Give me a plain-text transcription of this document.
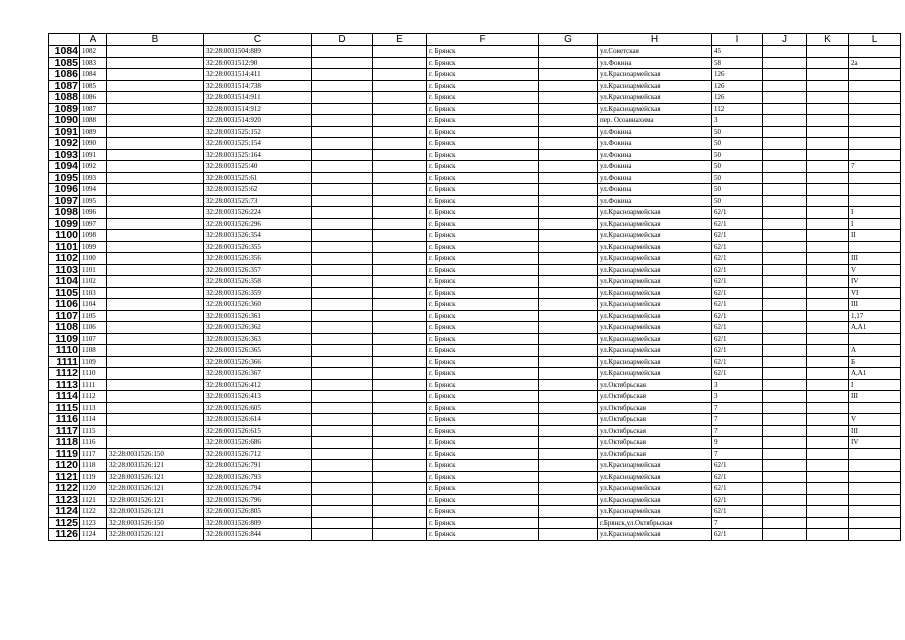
	A	B	C	D	E	F	G	H	I	J	K	L
1084	1082		32:28:0031504:889			г. Брянск		ул.Советская	45			
1085	1083		32:28:0031512:90			г. Брянск		ул.Фокина	58			2а
1086	1084		32:28:0031514:411			г. Брянск		ул.Красноармейская	126			
1087	1085		32:28:0031514:738			г. Брянск		ул.Красноармейская	126			
1088	1086		32:28:0031514:911			г. Брянск		ул.Красноармейская	126			
1089	1087		32:28:0031514:912			г. Брянск		ул.Красноармейская	112			
1090	1088		32:28:0031514:920			г. Брянск		пер. Осоавиахима	3			
1091	1089		32:28:0031525:152			г. Брянск		ул.Фокина	50			
1092	1090		32:28:0031525:154			г. Брянск		ул.Фокина	50			
1093	1091		32:28:0031525:164			г. Брянск		ул.Фокина	50			
1094	1092		32:28:0031525:40			г. Брянск		ул.Фокина	50			7
1095	1093		32:28:0031525:61			г. Брянск		ул.Фокина	50			
1096	1094		32:28:0031525:62			г. Брянск		ул.Фокина	50			
1097	1095		32:28:0031525:73			г. Брянск		ул.Фокина	50			
1098	1096		32:28:0031526:224			г. Брянск		ул.Красноармейская	62/1			I
1099	1097		32:28:0031526:296			г. Брянск		ул.Красноармейская	62/1			I
1100	1098		32:28:0031526:354			г. Брянск		ул.Красноармейская	62/1			II
1101	1099		32:28:0031526:355			г. Брянск		ул.Красноармейская	62/1			
1102	1100		32:28:0031526:356			г. Брянск		ул.Красноармейская	62/1			III
1103	1101		32:28:0031526:357			г. Брянск		ул.Красноармейская	62/1			V
1104	1102		32:28:0031526:358			г. Брянск		ул.Красноармейская	62/1			IV
1105	1103		32:28:0031526:359			г. Брянск		ул.Красноармейская	62/1			VI
1106	1104		32:28:0031526:360			г. Брянск		ул.Красноармейская	62/1			III
1107	1105		32:28:0031526:361			г. Брянск		ул.Красноармейская	62/1			1,17
1108	1106		32:28:0031526:362			г. Брянск		ул.Красноармейская	62/1			А,А1
1109	1107		32:28:0031526:363			г. Брянск		ул.Красноармейская	62/1			
1110	1108		32:28:0031526:365			г. Брянск		ул.Красноармейская	62/1			А
1111	1109		32:28:0031526:366			г. Брянск		ул.Красноармейская	62/1			Б
1112	1110		32:28:0031526:367			г. Брянск		ул.Красноармейская	62/1			А,А1
1113	1111		32:28:0031526:412			г. Брянск		ул.Октябрьская	3			I
1114	1112		32:28:0031526:413			г. Брянск		ул.Октябрьская	3			III
1115	1113		32:28:0031526:605			г. Брянск		ул.Октябрьская	7			
1116	1114		32:28:0031526:614			г. Брянск		ул.Октябрьская	7			V
1117	1115		32:28:0031526:615			г. Брянск		ул.Октябрьская	7			III
1118	1116		32:28:0031526:686			г. Брянск		ул.Октябрьская	9			IV
1119	1117	32:28:0031526:150	32:28:0031526:712			г. Брянск		ул.Октябрьская	7			
1120	1118	32:28:0031526:121	32:28:0031526:791			г. Брянск		ул.Красноармейская	62/1			
1121	1119	32:28:0031526:121	32:28:0031526:793			г. Брянск		ул.Красноармейская	62/1			
1122	1120	32:28:0031526:121	32:28:0031526:794			г. Брянск		ул.Красноармейская	62/1			
1123	1121	32:28:0031526:121	32:28:0031526:796			г. Брянск		ул.Красноармейская	62/1			
1124	1122	32:28:0031526:121	32:28:0031526:805			г. Брянск		ул.Красноармейская	62/1			
1125	1123	32:28:0031526:150	32:28:0031526:809			г. Брянск		г.Брянск,ул.Октябрьская	7			
1126	1124	32:28:0031526:121	32:28:0031526:844			г. Брянск		ул.Красноармейская	62/1			
